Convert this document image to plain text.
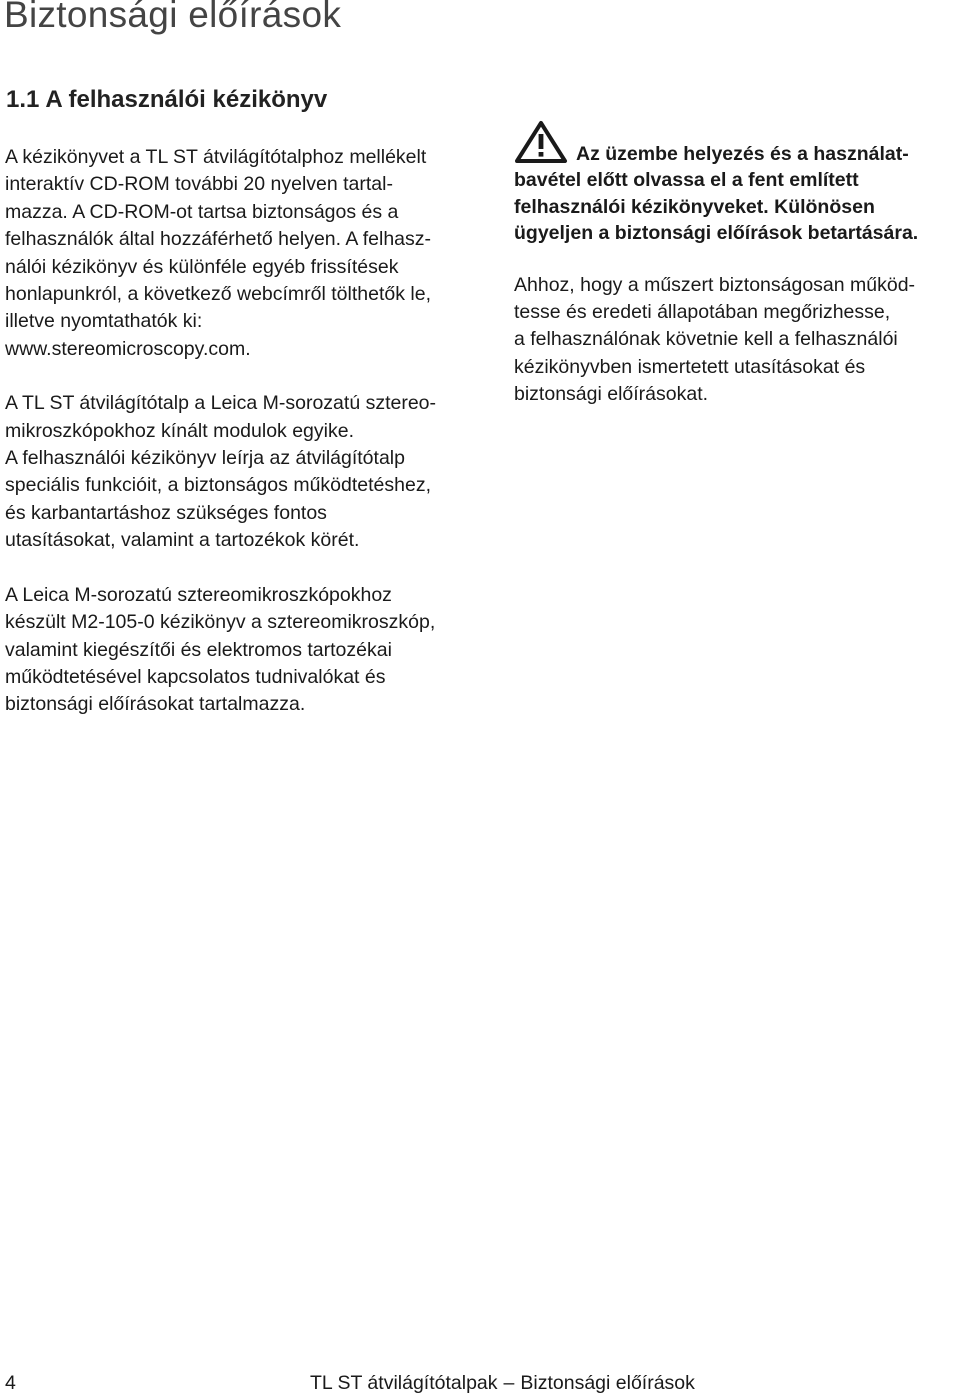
Biztonsági előírások
1.1 A felhasználói kézikönyv

A kézikönyvet a TL ST átvilágítótalphoz mellékelt
interaktív CD-ROM további 20 nyelven tartal-
mazza. A CD-ROM-ot tartsa biztonságos és a
felhasználók által hozzáférhető helyen. A felhasz-
nálói kézikönyv és különféle egyéb frissítések
honlapunkról, a következő webcímről tölthetők le,
illetve nyomtathatók ki:
www.stereomicroscopy.com.

A TL ST átvilágítótalp a Leica M-sorozatú sztereo-
mikroszkópokhoz kínált modulok egyike.
A felhasználói kézikönyv leírja az átvilágítótalp
speciális funkcióit, a biztonságos működtetéshez,
és karbantartáshoz szükséges fontos
utasításokat, valamint a tartozékok körét.

A Leica M-sorozatú sztereomikroszkópokhoz
készült M2-105-0 kézikönyv a sztereomikroszkóp,
valamint kiegészítői és elektromos tartozékai
működtetésével kapcsolatos tudnivalókat és
biztonsági előírásokat tartalmazza.

Az üzembe helyezés és a használat-
bavétel előtt olvassa el a fent említett
felhasználói kézikönyveket. Különösen
ügyeljen a biztonsági előírások betartására.

Ahhoz, hogy a műszert biztonságosan működ-
tesse és eredeti állapotában megőrizhesse,
a felhasználónak követnie kell a felhasználói
kézikönyvben ismertetett utasításokat és
biztonsági előírásokat.

4	TL ST átvilágítótalpak – Biztonsági előírások
